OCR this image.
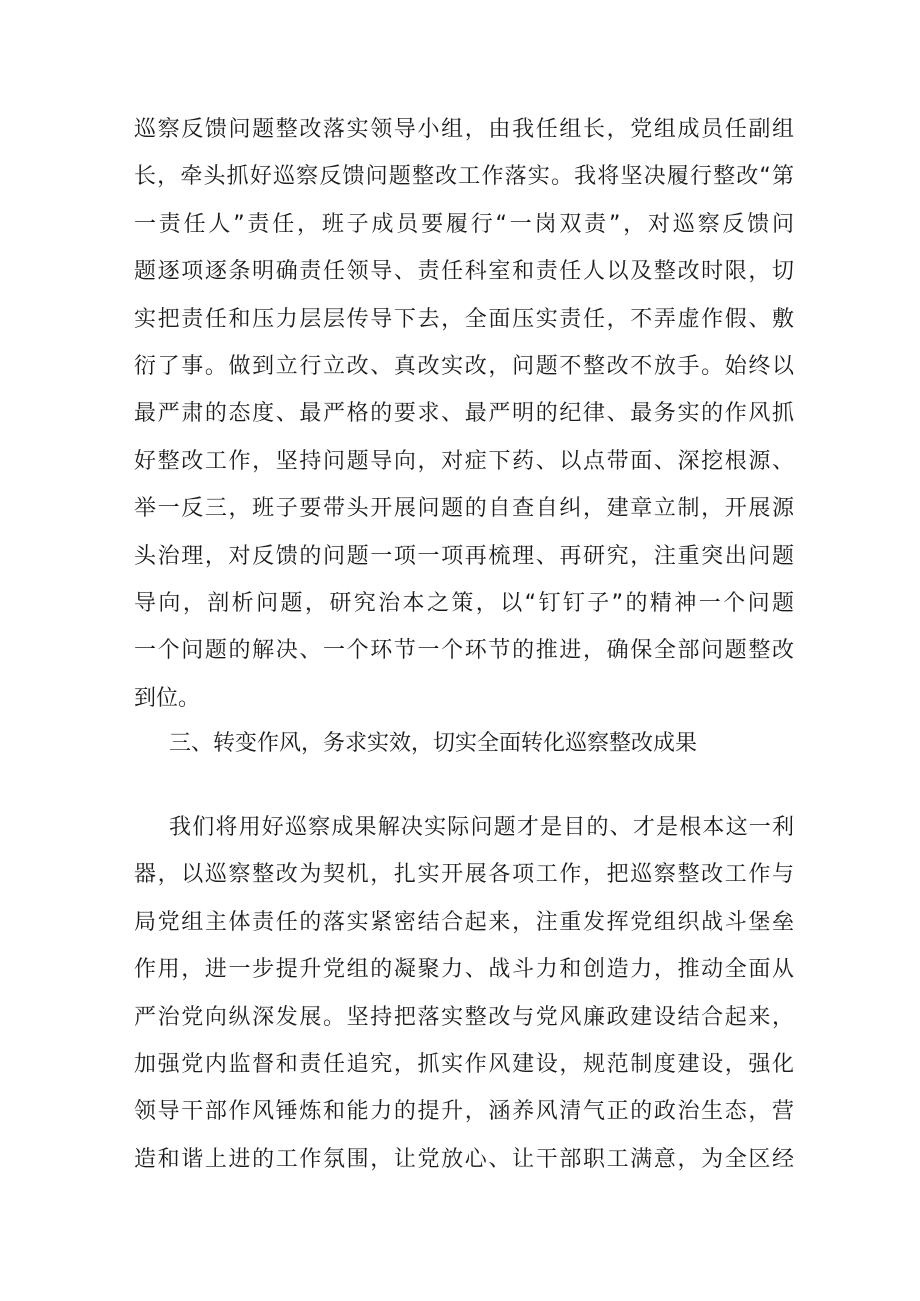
巡察反馈问题整改落实领导小组，由我任组长，党组成员任副组
长，牵头抓好巡察反馈问题整改工作落实。我将坚决履行整改“第
一责任人”责任，班子成员要履行“一岗双责”，对巡察反馈问
题逐项逐条明确责任领导、责任科室和责任人以及整改时限，切
实把责任和压力层层传导下去，全面压实责任，不弄虚作假、敷
衍了事。做到立行立改、真改实改，问题不整改不放手。始终以
最严肃的态度、最严格的要求、最严明的纪律、最务实的作风抓
好整改工作，坚持问题导向，对症下药、以点带面、深挖根源、
举一反三，班子要带头开展问题的自查自纠，建章立制，开展源
头治理，对反馈的问题一项一项再梳理、再研究，注重突出问题
导向，剖析问题，研究治本之策，以“钉钉子”的精神一个问题
一个问题的解决、一个环节一个环节的推进，确保全部问题整改
到位。
三、转变作风，务求实效，切实全面转化巡察整改成果
我们将用好巡察成果解决实际问题才是目的、才是根本这一利
器，以巡察整改为契机，扎实开展各项工作，把巡察整改工作与
局党组主体责任的落实紧密结合起来，注重发挥党组织战斗堡垒
作用，进一步提升党组的凝聚力、战斗力和创造力，推动全面从
严治党向纵深发展。坚持把落实整改与党风廉政建设结合起来，
加强党内监督和责任追究，抓实作风建设，规范制度建设，强化
领导干部作风锤炼和能力的提升，涵养风清气正的政治生态，营
造和谐上进的工作氛围，让党放心、让干部职工满意，为全区经
